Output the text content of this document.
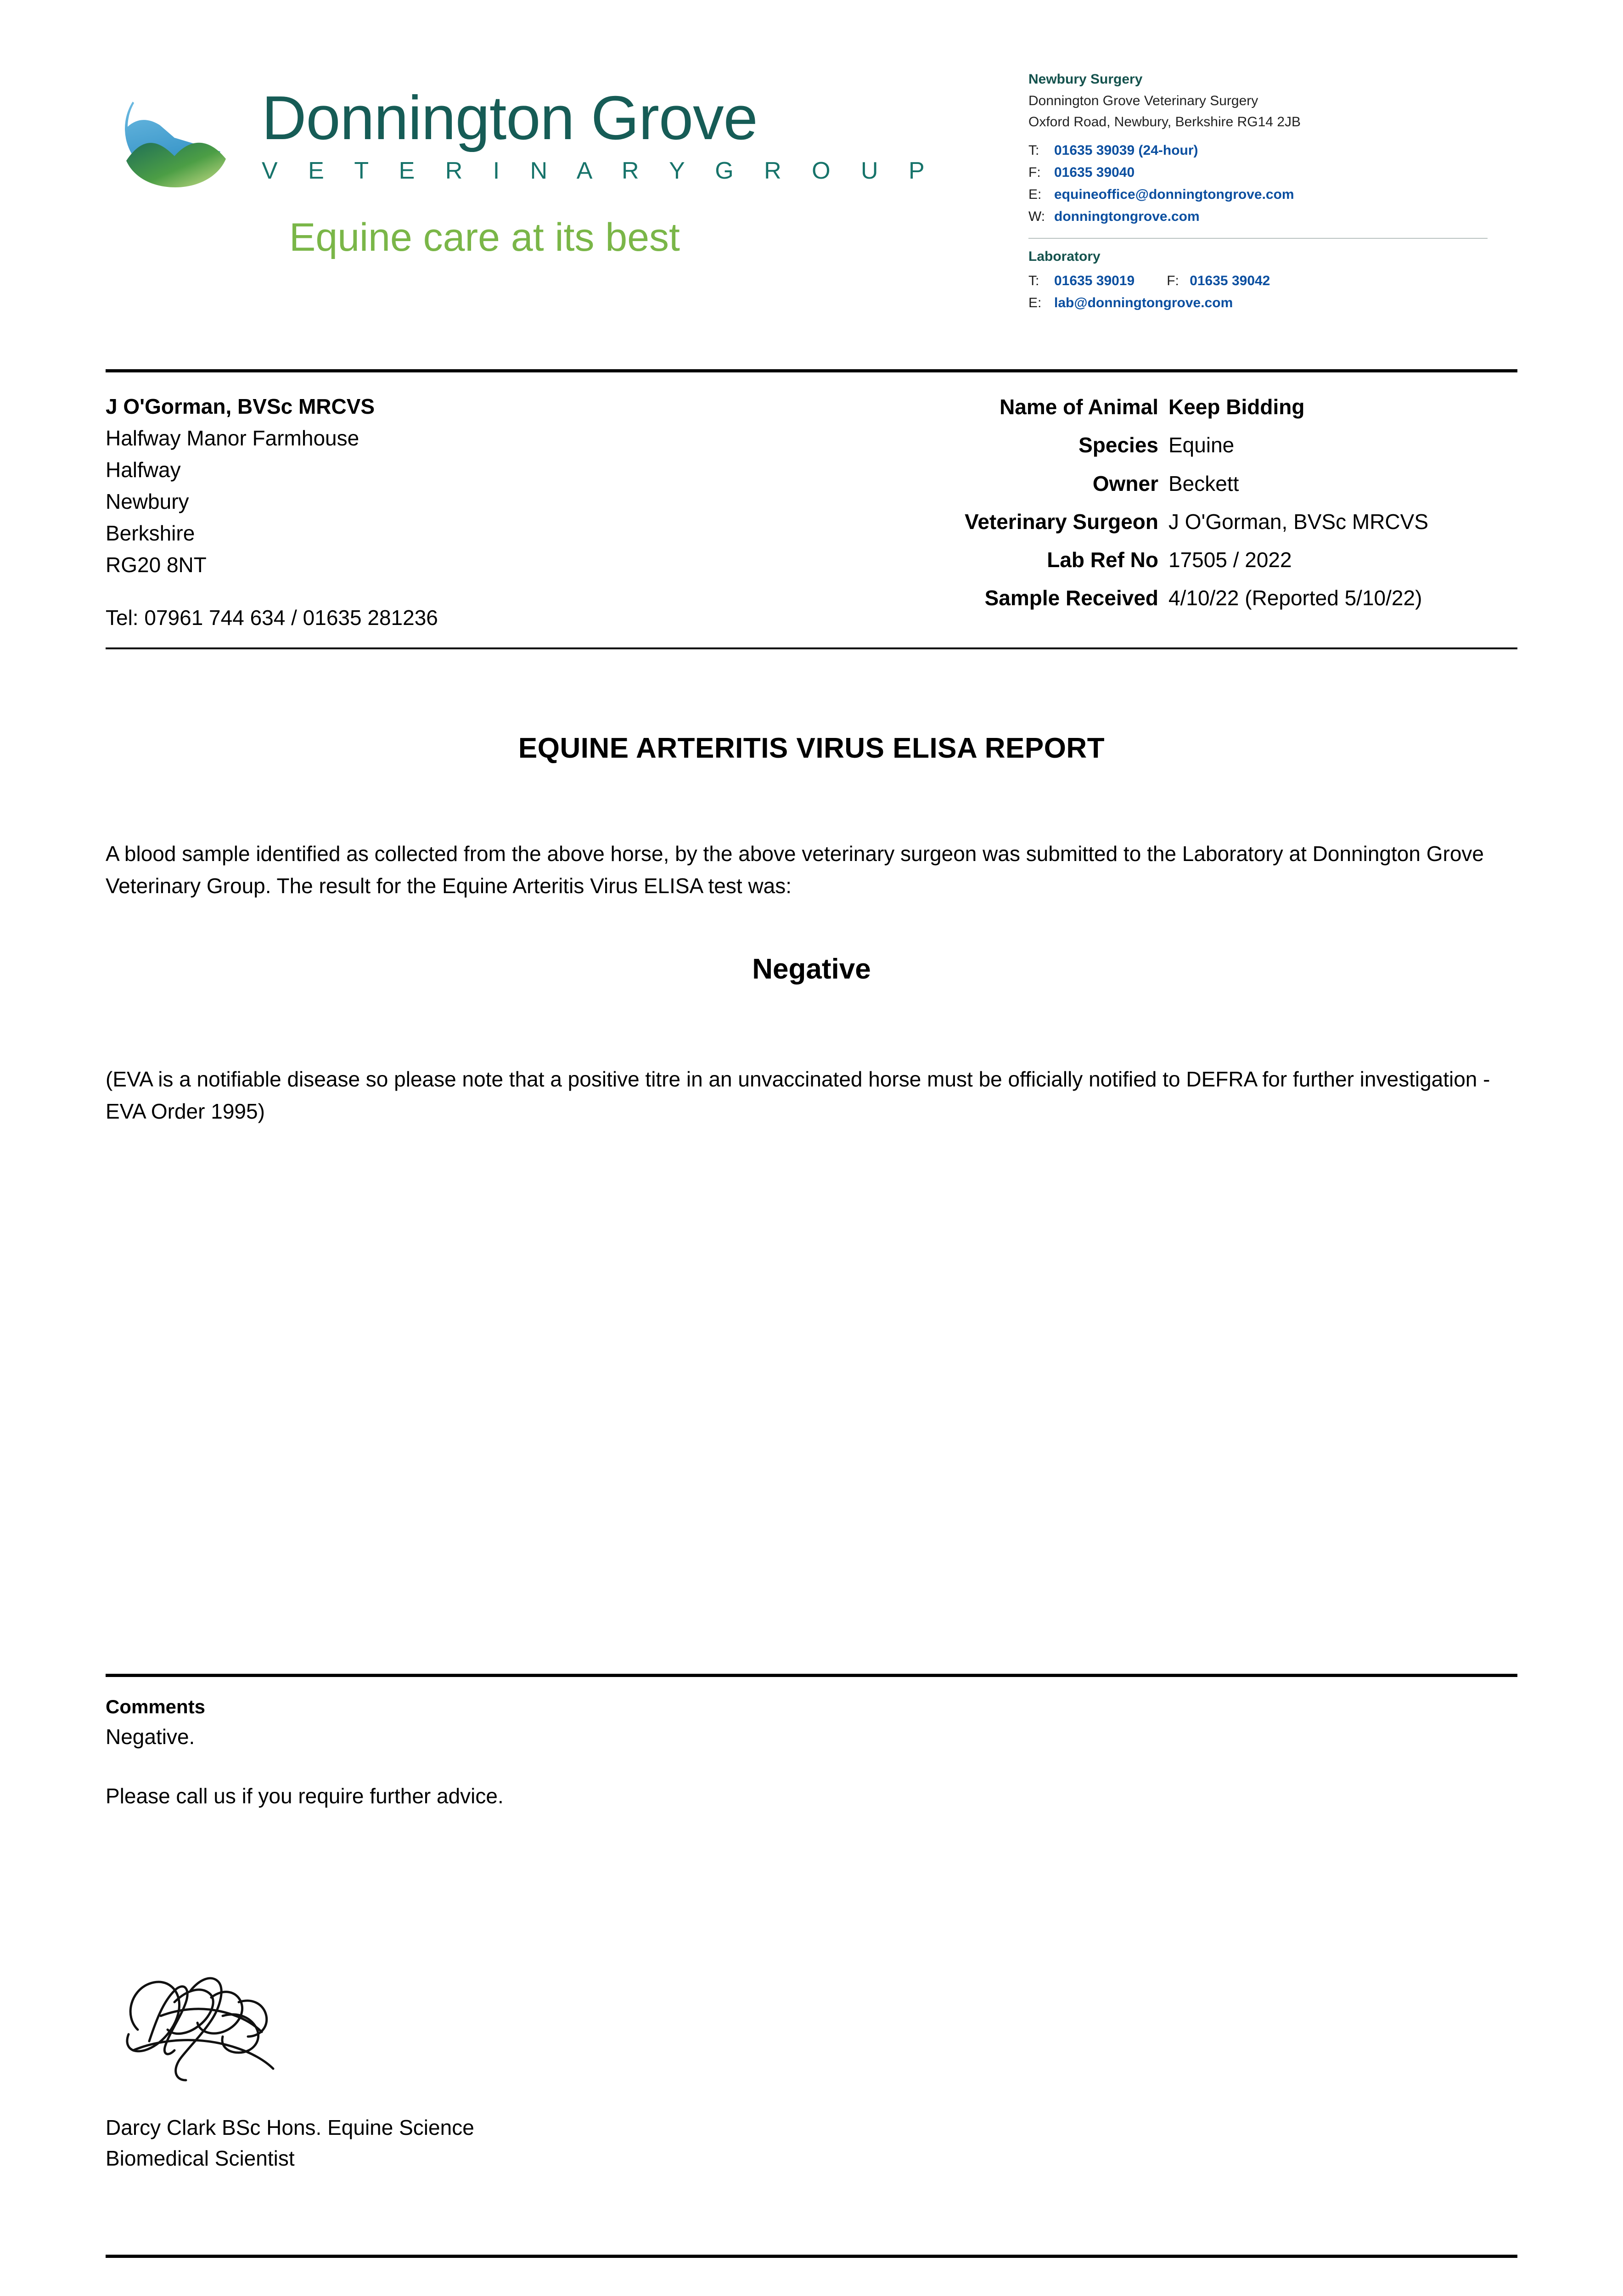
Donnington Grove
V E T E R I N A R Y G R O U P
Equine care at its best
Newbury Surgery
Donnington Grove Veterinary Surgery
Oxford Road, Newbury, Berkshire RG14 2JB
T:	01635 39039 (24-hour)
F: 01635 39040
E: equineoffice@donningtongrove.com
W: donningtongrove.com
Laboratory
T:	01635 39019 F: 01635 39042
E: lab@donningtongrove.com
J O'Gorman, BVSc MRCVS
Halfway Manor Farmhouse
Halfway
Newbury
Berkshire
RG20 8NT
Tel: 07961 744 634 / 01635 281236
Name of Animal Keep Bidding
Species Equine
Owner Beckett
Veterinary Surgeon J O'Gorman, BVSc MRCVS
Lab Ref No 17505 / 2022
Sample Received 4/10/22 (Reported 5/10/22)
EQUINE ARTERITIS VIRUS ELISA REPORT
A blood sample identified as collected from the above horse, by the above veterinary surgeon was submitted to the Laboratory at Donnington Grove Veterinary Group. The result for the Equine Arteritis Virus ELISA test was:
Negative
(EVA is a notifiable disease so please note that a positive titre in an unvaccinated horse must be officially notified to DEFRA for further investigation - EVA Order 1995)
Comments
Negative.
Please call us if you require further advice.
Darcy Clark BSc Hons. Equine Science
Biomedical Scientist
